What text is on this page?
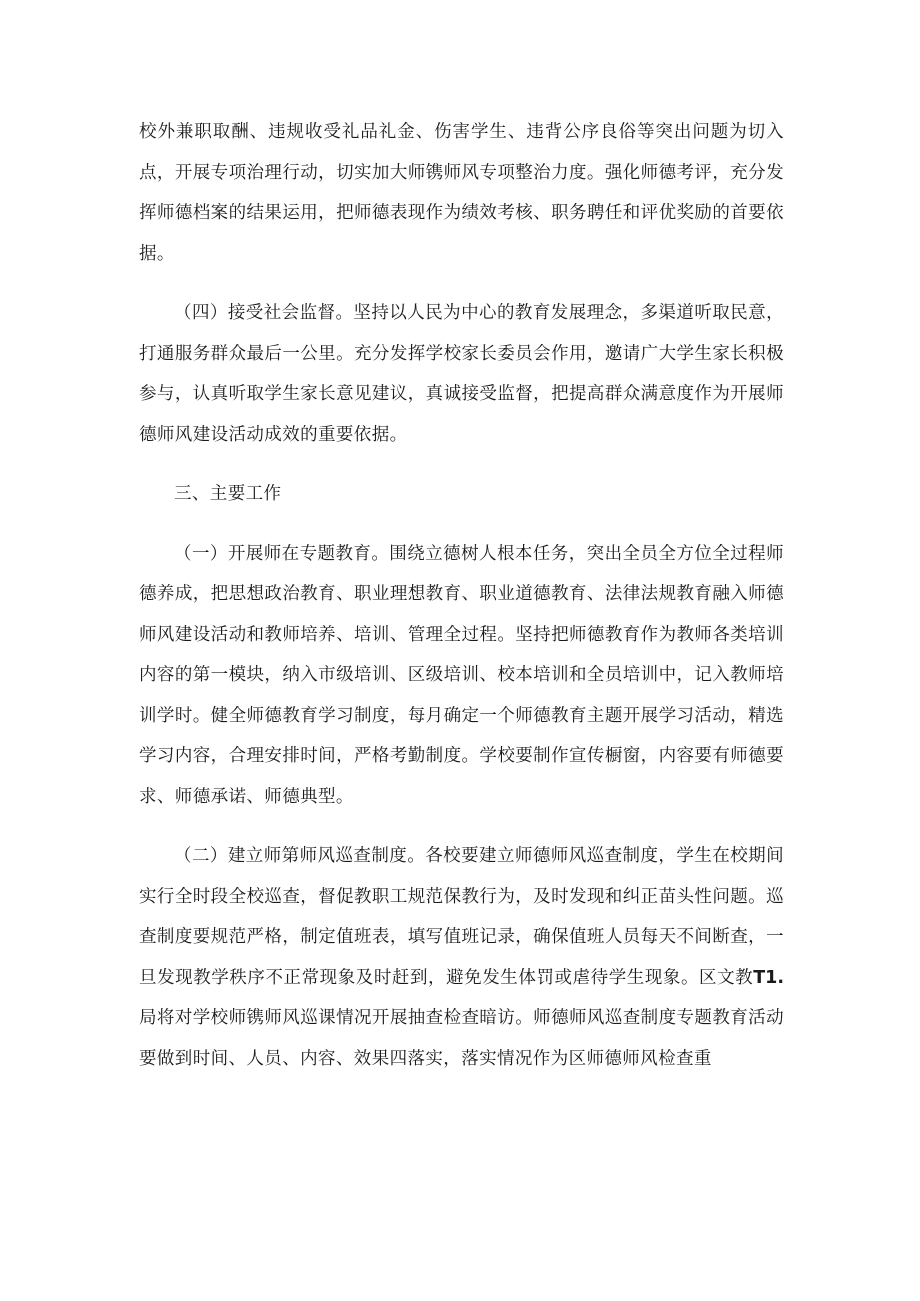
校外兼职取酬、违规收受礼品礼金、伤害学生、违背公序良俗等突出问题为切入点，开展专项治理行动，切实加大师镌师风专项整治力度。强化师德考评，充分发挥师德档案的结果运用，把师德表现作为绩效考核、职务聘任和评优奖励的首要依据。

（四）接受社会监督。坚持以人民为中心的教育发展理念，多渠道听取民意，打通服务群众最后一公里。充分发挥学校家长委员会作用，邀请广大学生家长积极参与，认真听取学生家长意见建议，真诚接受监督，把提高群众满意度作为开展师德师风建设活动成效的重要依据。

三、主要工作

（一）开展师在专题教育。围绕立德树人根本任务，突出全员全方位全过程师德养成，把思想政治教育、职业理想教育、职业道德教育、法律法规教育融入师德师风建设活动和教师培养、培训、管理全过程。坚持把师德教育作为教师各类培训内容的第一模块，纳入市级培训、区级培训、校本培训和全员培训中，记入教师培训学时。健全师德教育学习制度，每月确定一个师德教育主题开展学习活动，精选学习内容，合理安排时间，严格考勤制度。学校要制作宣传橱窗，内容要有师德要求、师德承诺、师德典型。

（二）建立师第师风巡查制度。各校要建立师德师风巡查制度，学生在校期间实行全时段全校巡查，督促教职工规范保教行为，及时发现和纠正苗头性问题。巡查制度要规范严格，制定值班表，填写值班记录，确保值班人员每天不间断查，一旦发现教学秩序不正常现象及时赶到，避免发生体罚或虐待学生现象。区文教T1.局将对学校师镌师风巡课情况开展抽查检查暗访。师德师风巡查制度专题教育活动要做到时间、人员、内容、效果四落实，落实情况作为区师德师风检查重
